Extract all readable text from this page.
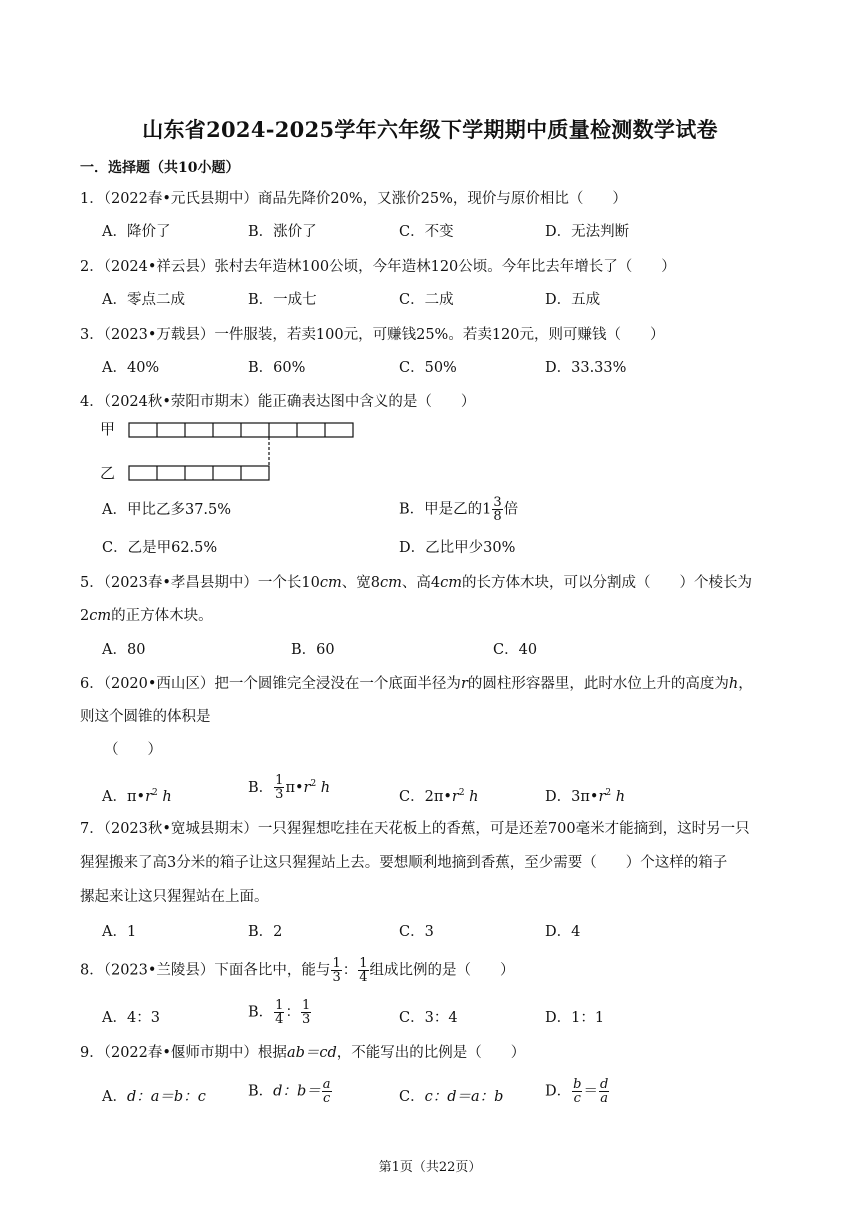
山东省2024-2025学年六年级下学期期中质量检测数学试卷
一．选择题（共10小题）
1．（2022春•元氏县期中）商品先降价20%，又涨价25%，现价与原价相比（　　）
A．降价了	B．涨价了	C．不变	D．无法判断
2．（2024•祥云县）张村去年造林100公顷，今年造林120公顷。今年比去年增长了（　　）
A．零点二成	B．一成七	C．二成	D．五成
3．（2023•万载县）一件服装，若卖100元，可赚钱25%。若卖120元，则可赚钱（　　）
A．40%	B．60%	C．50%	D．33.33%
4．（2024秋•荥阳市期末）能正确表达图中含义的是（　　）
甲
乙
A．甲比乙多37.5%	B．甲是乙的$1 \frac{3}{8}$ 倍
C．乙是甲62.5%	D．乙比甲少30%
5．（2023春•孝昌县期中）一个长10cm、宽8cm、高4cm的长方体木块，可以分割成（　　）个棱长为
2cm的正方体木块。
A．80	B．60	C．40
6．（2020•西山区）把一个圆锥完全浸没在一个底面半径为r的圆柱形容器里，此时水位上升的高度为h，
则这个圆锥的体积是
（　　）
A．$\pi•r^2$ h
B． $\frac{1}{3}$ $\pi•r^2$ h
C．$2\pi•r^2$ h	D．$3\pi•r^2$ h
7．（2023秋•宽城县期末）一只猩猩想吃挂在天花板上的香蕉，可是还差700毫米才能摘到，这时另一只
猩猩搬来了高3分米的箱子让这只猩猩站上去。要想顺利地摘到香蕉，至少需要（　　）个这样的箱子
摞起来让这只猩猩站在上面。
A．1	B．2	C．3	D．4
8．（2023•兰陵县）下面各比中，能与 $\frac{1}{3}$ ： $\frac{1}{4}$ 组成比例的是（　　）
A．4：3	B． $\frac{1}{4}$ ： $\frac{1}{3}$	C．3：4	D．1：1
9．（2022春•偃师市期中）根据ab＝cd，不能写出的比例是（　　）
A．d：a＝b：c	B．d：$b= \frac{a}{c}$	C．c：d＝a：b	D． $\frac{b}{c} = \frac{d}{a}$
第1页（共22页）
